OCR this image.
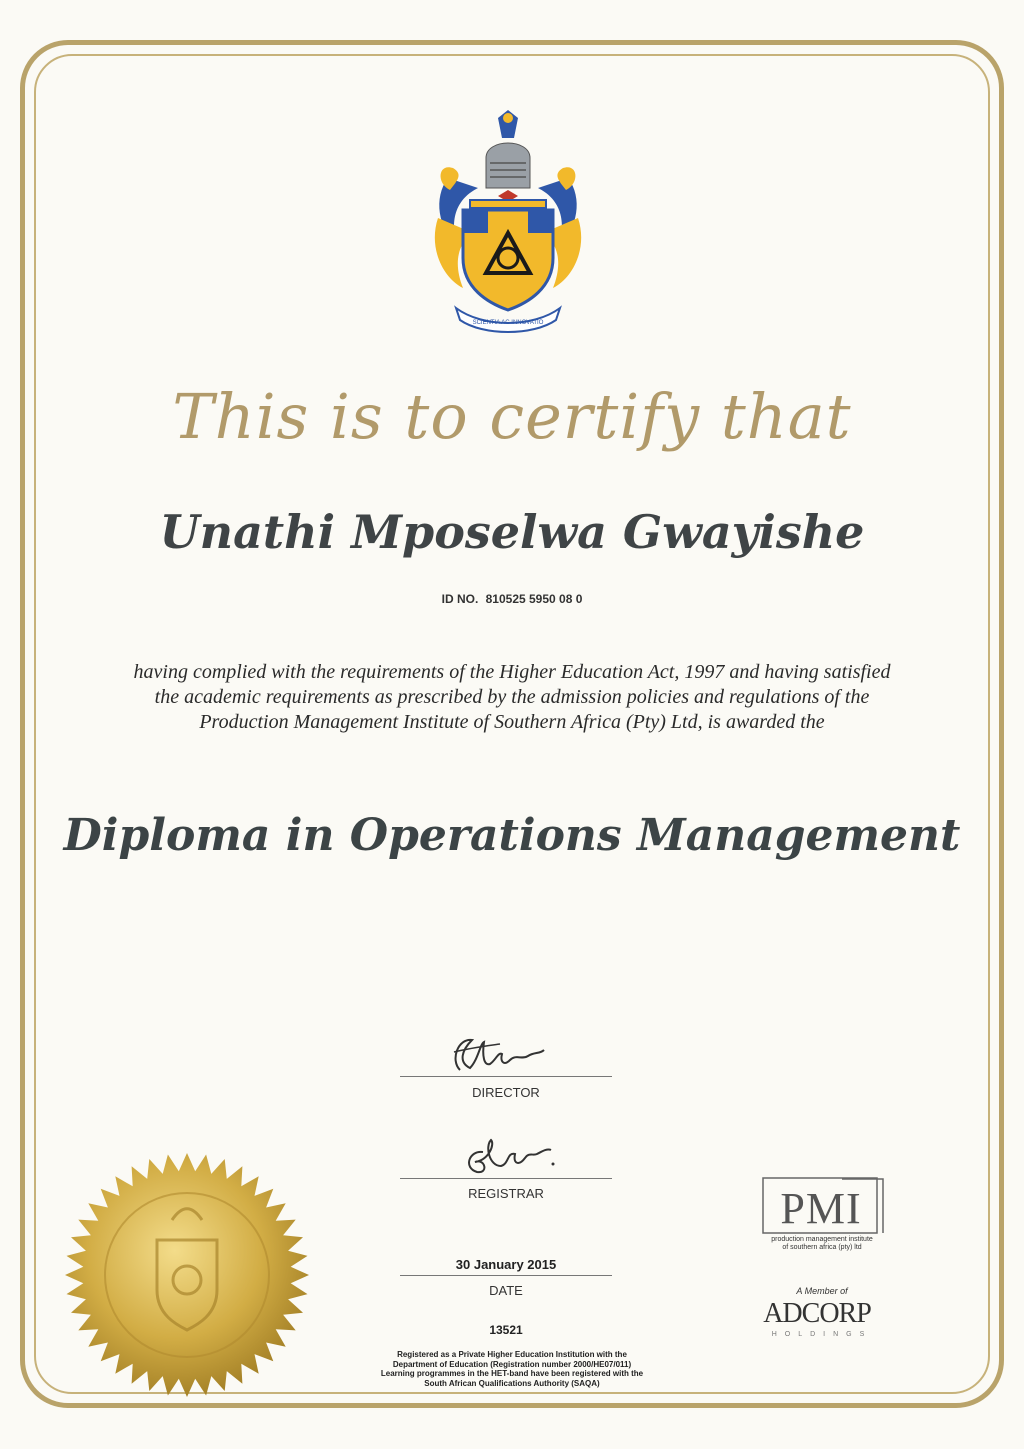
SCIENTIA AC INNOVATIO
This is to certify that
Unathi Mposelwa Gwayishe
ID NO. 810525 5950 08 0
having complied with the requirements of the Higher Education Act, 1997 and having satisfied
the academic requirements as prescribed by the admission policies and regulations of the
Production Management Institute of Southern Africa (Pty) Ltd, is awarded the
Diploma in Operations Management
DIRECTOR
REGISTRAR
30 January 2015
DATE
13521
Registered as a Private Higher Education Institution with the
Department of Education (Registration number 2000/HE07/011)
Learning programmes in the HET-band have been registered with the
South African Qualifications Authority (SAQA)
PMI
production management institute
of southern africa (pty) ltd
A Member of
ADCORP
HOLDINGS
